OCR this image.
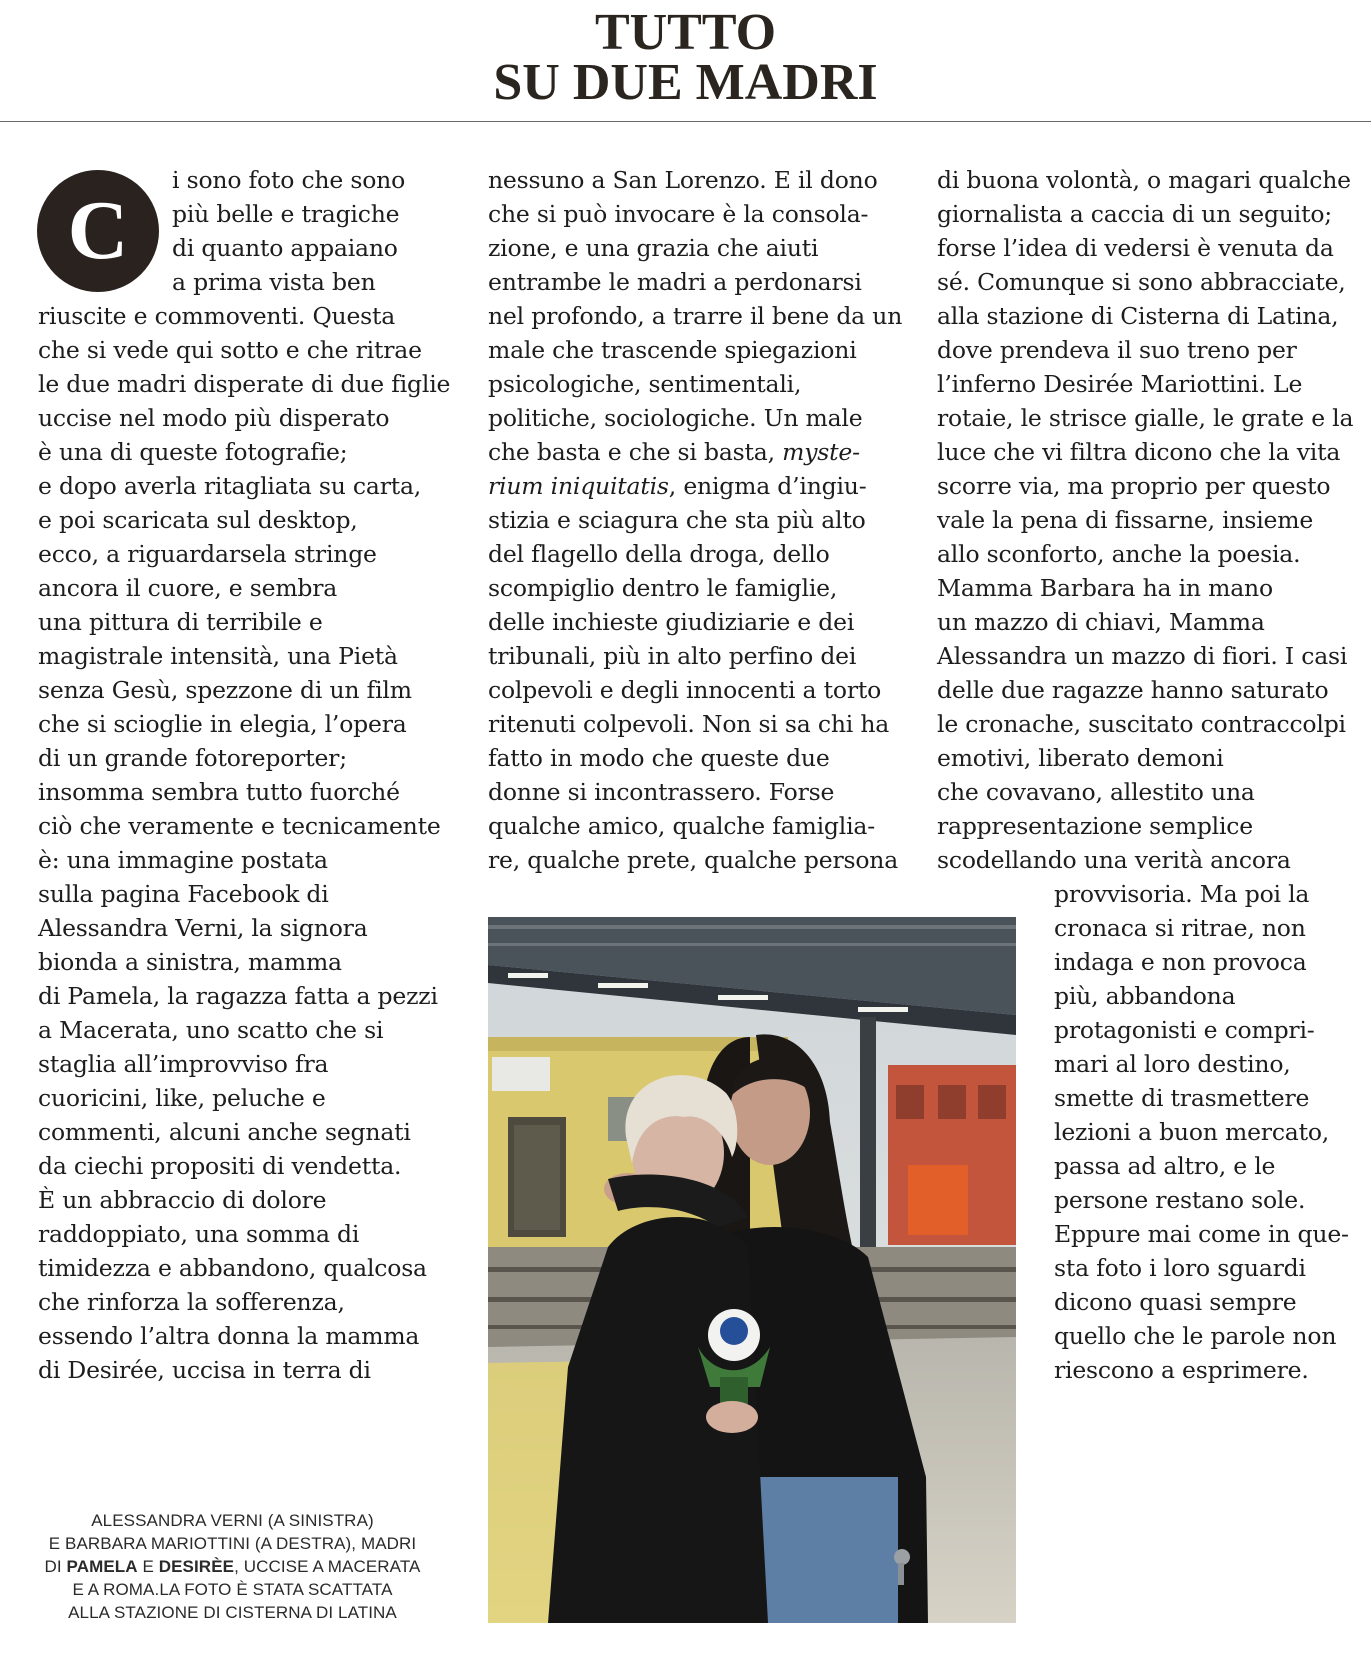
TUTTO
SU DUE MADRI
C
i sono foto che sono
più belle e tragiche
di quanto appaiano
a prima vista ben
riuscite e commoventi. Questa
che si vede qui sotto e che ritrae
le due madri disperate di due figlie
uccise nel modo più disperato
è una di queste fotografie;
e dopo averla ritagliata su carta,
e poi scaricata sul desktop,
ecco, a riguardarsela stringe
ancora il cuore, e sembra
una pittura di terribile e
magistrale intensità, una Pietà
senza Gesù, spezzone di un film
che si scioglie in elegia, l’opera
di un grande fotoreporter;
insomma sembra tutto fuorché
ciò che veramente e tecnicamente
è: una immagine postata
sulla pagina Facebook di
Alessandra Verni, la signora
bionda a sinistra, mamma
di Pamela, la ragazza fatta a pezzi
a Macerata, uno scatto che si
staglia all’improvviso fra
cuoricini, like, peluche e
commenti, alcuni anche segnati
da ciechi propositi di vendetta.
È un abbraccio di dolore
raddoppiato, una somma di
timidezza e abbandono, qualcosa
che rinforza la sofferenza,
essendo l’altra donna la mamma
di Desirée, uccisa in terra di
nessuno a San Lorenzo. E il dono
che si può invocare è la consola-
zione, e una grazia che aiuti
entrambe le madri a perdonarsi
nel profondo, a trarre il bene da un
male che trascende spiegazioni
psicologiche, sentimentali,
politiche, sociologiche. Un male
che basta e che si basta, myste-
rium iniquitatis, enigma d’ingiu-
stizia e sciagura che sta più alto
del flagello della droga, dello
scompiglio dentro le famiglie,
delle inchieste giudiziarie e dei
tribunali, più in alto perfino dei
colpevoli e degli innocenti a torto
ritenuti colpevoli. Non si sa chi ha
fatto in modo che queste due
donne si incontrassero. Forse
qualche amico, qualche famiglia-
re, qualche prete, qualche persona
di buona volontà, o magari qualche
giornalista a caccia di un seguito;
forse l’idea di vedersi è venuta da
sé. Comunque si sono abbracciate,
alla stazione di Cisterna di Latina,
dove prendeva il suo treno per
l’inferno Desirée Mariottini. Le
rotaie, le strisce gialle, le grate e la
luce che vi filtra dicono che la vita
scorre via, ma proprio per questo
vale la pena di fissarne, insieme
allo sconforto, anche la poesia.
Mamma Barbara ha in mano
un mazzo di chiavi, Mamma
Alessandra un mazzo di fiori. I casi
delle due ragazze hanno saturato
le cronache, suscitato contraccolpi
emotivi, liberato demoni
che covavano, allestito una
rappresentazione semplice
scodellando una verità ancora
provvisoria. Ma poi la
cronaca si ritrae, non
indaga e non provoca
più, abbandona
protagonisti e compri-
mari al loro destino,
smette di trasmettere
lezioni a buon mercato,
passa ad altro, e le
persone restano sole.
Eppure mai come in que-
sta foto i loro sguardi
dicono quasi sempre
quello che le parole non
riescono a esprimere.
ALESSANDRA VERNI (A SINISTRA)
E BARBARA MARIOTTINI (A DESTRA), MADRI
DI PAMELA E DESIRÈE, UCCISE A MACERATA
E A ROMA.LA FOTO È STATA SCATTATA
ALLA STAZIONE DI CISTERNA DI LATINA
